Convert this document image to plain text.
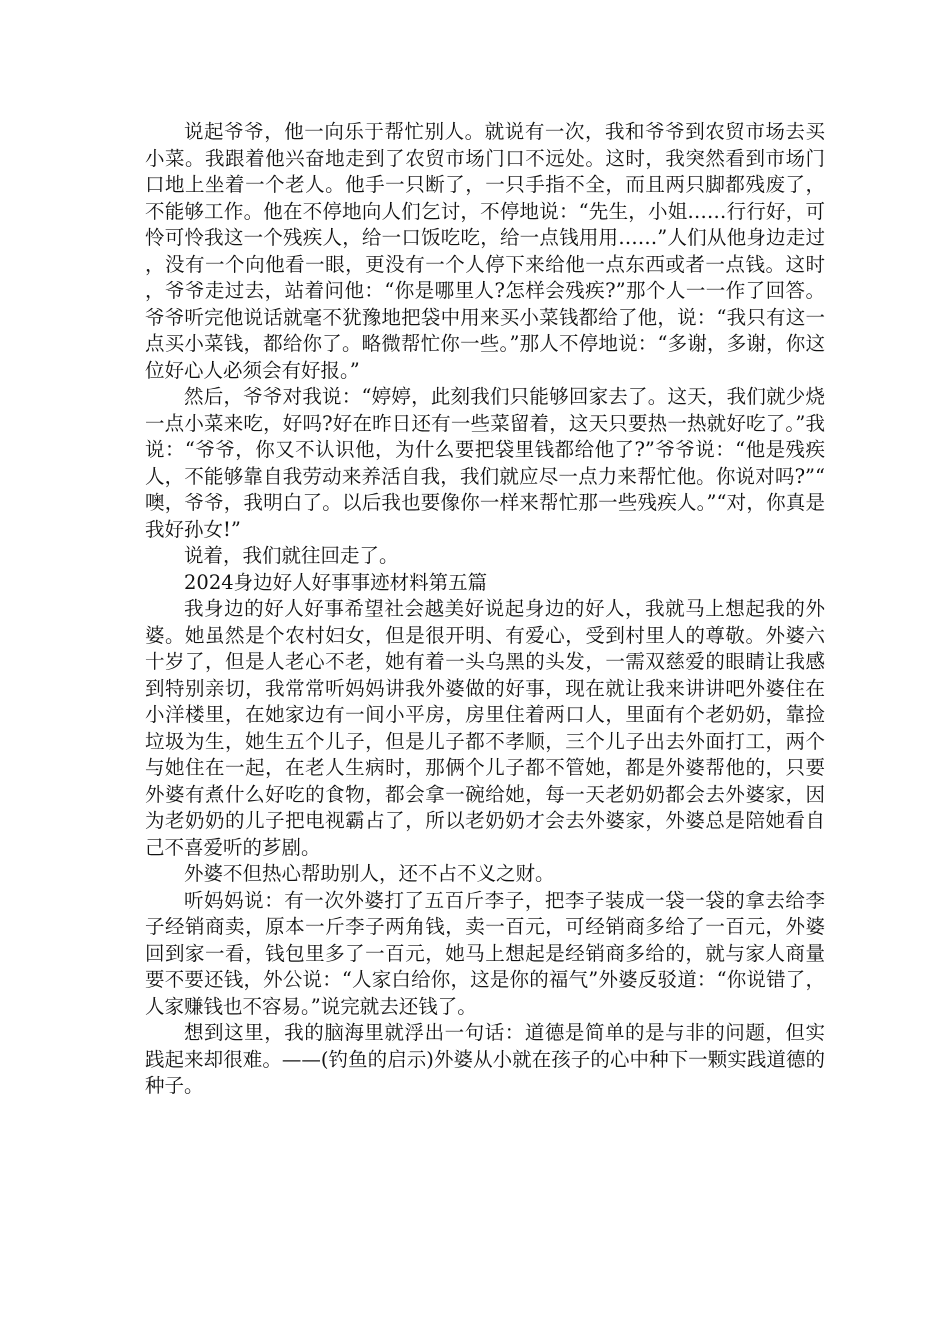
说起爷爷，他一向乐于帮忙别人。就说有一次，我和爷爷到农贸市场去买小菜。我跟着他兴奋地走到了农贸市场门口不远处。这时，我突然看到市场门口地上坐着一个老人。他手一只断了，一只手指不全，而且两只脚都残废了，不能够工作。他在不停地向人们乞讨，不停地说：“先生，小姐……行行好，可怜可怜我这一个残疾人，给一口饭吃吃，给一点钱用用……”人们从他身边走过，没有一个向他看一眼，更没有一个人停下来给他一点东西或者一点钱。这时，爷爷走过去，站着问他：“你是哪里人?怎样会残疾?”那个人一一作了回答。爷爷听完他说话就毫不犹豫地把袋中用来买小菜钱都给了他，说：“我只有这一点买小菜钱，都给你了。略微帮忙你一些。”那人不停地说：“多谢，多谢，你这位好心人必须会有好报。”

然后，爷爷对我说：“婷婷，此刻我们只能够回家去了。这天，我们就少烧一点小菜来吃，好吗?好在昨日还有一些菜留着，这天只要热一热就好吃了。”我说：“爷爷，你又不认识他，为什么要把袋里钱都给他了?”爷爷说：“他是残疾人，不能够靠自我劳动来养活自我，我们就应尽一点力来帮忙他。你说对吗?”“噢，爷爷，我明白了。以后我也要像你一样来帮忙那一些残疾人。”“对，你真是我好孙女!”

说着，我们就往回走了。

2024身边好人好事事迹材料第五篇

我身边的好人好事希望社会越美好说起身边的好人，我就马上想起我的外婆。她虽然是个农村妇女，但是很开明、有爱心，受到村里人的尊敬。外婆六十岁了，但是人老心不老，她有着一头乌黑的头发，一需双慈爱的眼睛让我感到特别亲切，我常常听妈妈讲我外婆做的好事，现在就让我来讲讲吧外婆住在小洋楼里，在她家边有一间小平房，房里住着两口人，里面有个老奶奶，靠捡垃圾为生，她生五个儿子，但是儿子都不孝顺，三个儿子出去外面打工，两个与她住在一起，在老人生病时，那俩个儿子都不管她，都是外婆帮他的，只要外婆有煮什么好吃的食物，都会拿一碗给她，每一天老奶奶都会去外婆家，因为老奶奶的儿子把电视霸占了，所以老奶奶才会去外婆家，外婆总是陪她看自己不喜爱听的芗剧。

外婆不但热心帮助别人，还不占不义之财。

听妈妈说：有一次外婆打了五百斤李子，把李子装成一袋一袋的拿去给李子经销商卖，原本一斤李子两角钱，卖一百元，可经销商多给了一百元，外婆回到家一看，钱包里多了一百元，她马上想起是经销商多给的，就与家人商量要不要还钱，外公说：“人家白给你，这是你的福气”外婆反驳道：“你说错了，人家赚钱也不容易。”说完就去还钱了。

想到这里，我的脑海里就浮出一句话：道德是简单的是与非的问题，但实践起来却很难。——(钓鱼的启示)外婆从小就在孩子的心中种下一颗实践道德的种子。
